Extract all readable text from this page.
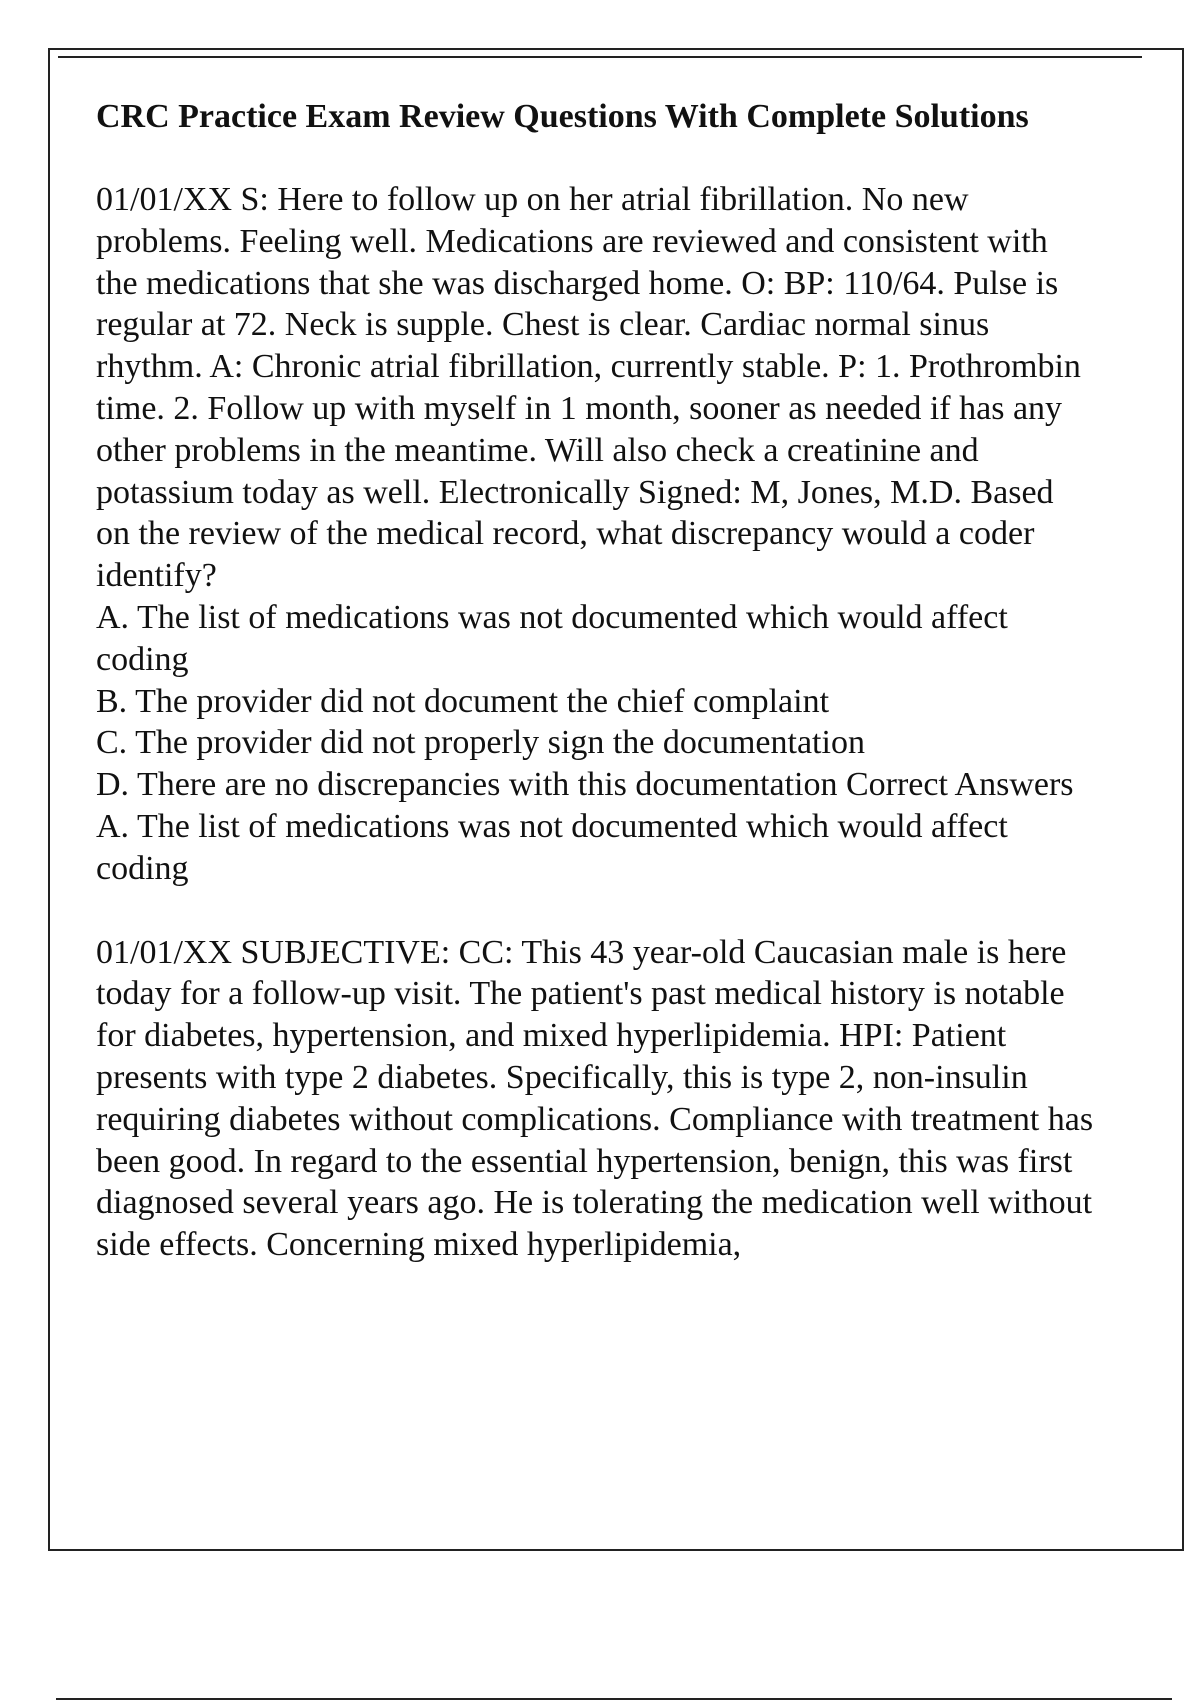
CRC Practice Exam Review Questions With Complete Solutions

01/01/XX S: Here to follow up on her atrial fibrillation. No new problems. Feeling well. Medications are reviewed and consistent with the medications that she was discharged home. O: BP: 110/64. Pulse is regular at 72. Neck is supple. Chest is clear. Cardiac normal sinus rhythm. A: Chronic atrial fibrillation, currently stable. P: 1. Prothrombin time. 2. Follow up with myself in 1 month, sooner as needed if has any other problems in the meantime. Will also check a creatinine and potassium today as well. Electronically Signed: M, Jones, M.D. Based on the review of the medical record, what discrepancy would a coder identify?

A. The list of medications was not documented which would affect coding

B. The provider did not document the chief complaint

C. The provider did not properly sign the documentation

D. There are no discrepancies with this documentation Correct Answers A. The list of medications was not documented which would affect coding

01/01/XX SUBJECTIVE: CC: This 43 year-old Caucasian male is here today for a follow-up visit. The patient's past medical history is notable for diabetes, hypertension, and mixed hyperlipidemia. HPI: Patient presents with type 2 diabetes. Specifically, this is type 2, non-insulin requiring diabetes without complications. Compliance with treatment has been good. In regard to the essential hypertension, benign, this was first diagnosed several years ago. He is tolerating the medication well without side effects. Concerning mixed hyperlipidemia,
